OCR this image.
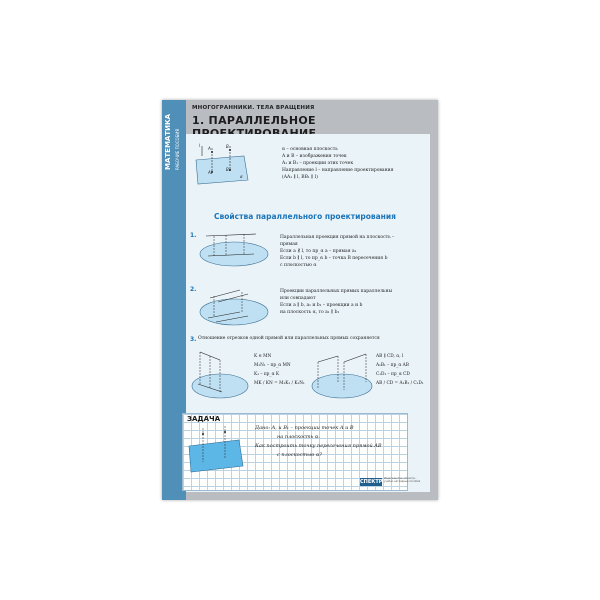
МАТЕМАТИКА РАБОЧИЕ ПОСОБИЯ
МНОГОГРАННИКИ. ТЕЛА ВРАЩЕНИЯ
1. ПАРАЛЛЕЛЬНОЕ
l
A	B
A₁
B₁
α
α – основная плоскость
A и B – изображения точек
A₁ и B₁ – проекции этих точек
Направление l – направление проектирования
(AA₁ ∥ l, BB₁ ∥ l)
Свойства параллельного проектирования
1.	Параллельная проекция прямой на плоскость –
прямая
Если a ∦ l, то пр_α a – прямая a₁
Если b ∥ l, то пр_α b – точка B пересечения b
с плоскостью α
2.	Проекции параллельных прямых параллельны
или совпадают
Если a ∥ b, a₁ и b₁ – проекции a и b
на плоскость α, то a₁ ∥ b₁
3. Отношение отрезков одной прямой или параллельных прямых сохраняется
K ∈ MN
M₁N₁ – пр_α MN
K₁ – пр_α K
MK / KN = M₁K₁ / K₁N₁
AB ∥ CD, α, l
A₁B₁ – пр_α AB
C₁D₁ – пр_α CD
AB / CD = A₁B₁ / C₁D₁
ЗАДАЧА
Дано: A, и B₁ – проекции точек A и B
на плоскость α.
Как построить точку пересечения прямой AB
с плоскостью α?
СПЕКТР
Издательство «Спектр» · учебно-наглядные пособия
